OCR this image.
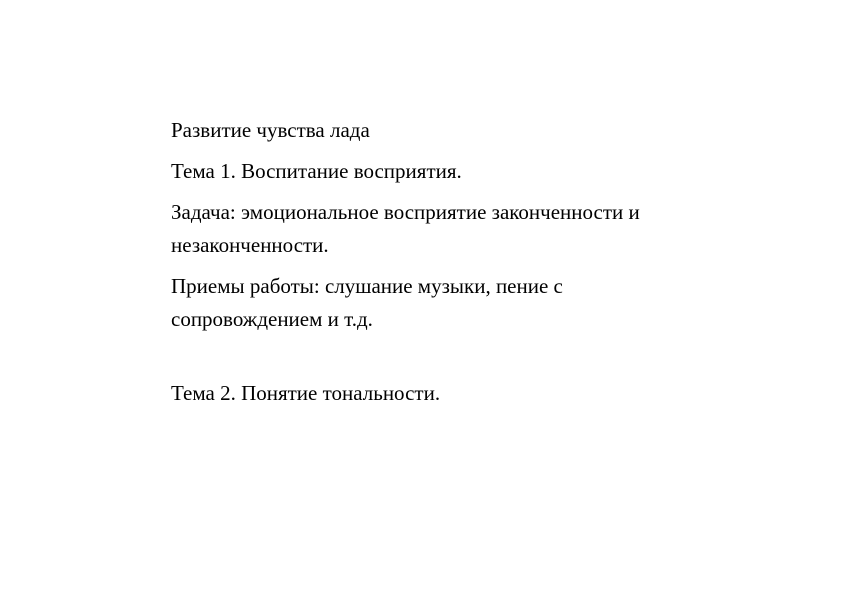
Развитие чувства лада

Тема 1. Воспитание восприятия.

Задача: эмоциональное восприятие законченности и
незаконченности.

Приемы работы: слушание музыки, пение с
сопровождением и т.д.

Тема 2. Понятие тональности.
